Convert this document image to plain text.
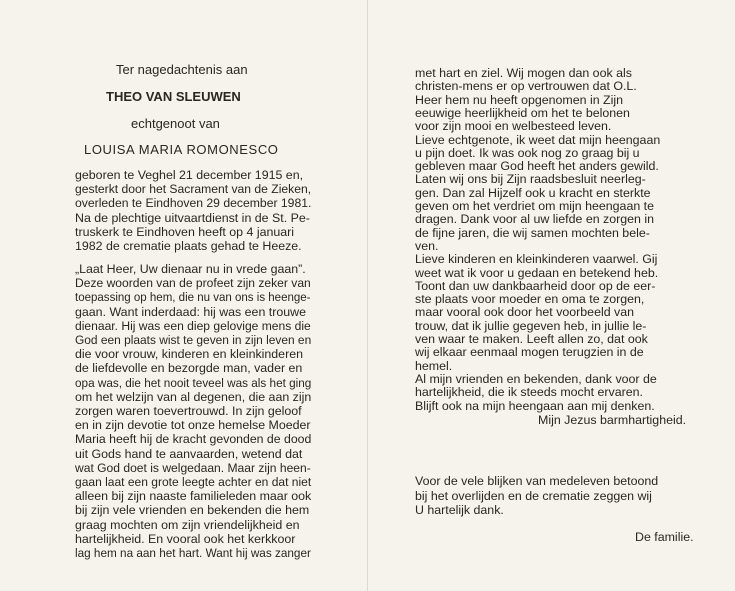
Ter nagedachtenis aan
THEO VAN SLEUWEN
echtgenoot van
LOUISA MARIA ROMONESCO
geboren te Veghel 21 december 1915 en,
gesterkt door het Sacrament van de Zieken,
overleden te Eindhoven 29 december 1981.
Na de plechtige uitvaartdienst in de St. Pe-
truskerk te Eindhoven heeft op 4 januari
1982 de crematie plaats gehad te Heeze.
„Laat Heer, Uw dienaar nu in vrede gaan”.
Deze woorden van de profeet zijn zeker van
toepassing op hem, die nu van ons is heenge-
gaan. Want inderdaad: hij was een trouwe
dienaar. Hij was een diep gelovige mens die
God een plaats wist te geven in zijn leven en
die voor vrouw, kinderen en kleinkinderen
de liefdevolle en bezorgde man, vader en
opa was, die het nooit teveel was als het ging
om het welzijn van al degenen, die aan zijn
zorgen waren toevertrouwd. In zijn geloof
en in zijn devotie tot onze hemelse Moeder
Maria heeft hij de kracht gevonden de dood
uit Gods hand te aanvaarden, wetend dat
wat God doet is welgedaan. Maar zijn heen-
gaan laat een grote leegte achter en dat niet
alleen bij zijn naaste familieleden maar ook
bij zijn vele vrienden en bekenden die hem
graag mochten om zijn vriendelijkheid en
hartelijkheid. En vooral ook het kerkkoor
lag hem na aan het hart. Want hij was zanger
met hart en ziel. Wij mogen dan ook als
christen-mens er op vertrouwen dat O.L.
Heer hem nu heeft opgenomen in Zijn
eeuwige heerlijkheid om het te belonen
voor zijn mooi en welbesteed leven.
Lieve echtgenote, ik weet dat mijn heengaan
u pijn doet. Ik was ook nog zo graag bij u
gebleven maar God heeft het anders gewild.
Laten wij ons bij Zijn raadsbesluit neerleg-
gen. Dan zal Hijzelf ook u kracht en sterkte
geven om het verdriet om mijn heengaan te
dragen. Dank voor al uw liefde en zorgen in
de fijne jaren, die wij samen mochten bele-
ven.
Lieve kinderen en kleinkinderen vaarwel. Gij
weet wat ik voor u gedaan en betekend heb.
Toont dan uw dankbaarheid door op de eer-
ste plaats voor moeder en oma te zorgen,
maar vooral ook door het voorbeeld van
trouw, dat ik jullie gegeven heb, in jullie le-
ven waar te maken. Leeft allen zo, dat ook
wij elkaar eenmaal mogen terugzien in de
hemel.
Al mijn vrienden en bekenden, dank voor de
hartelijkheid, die ik steeds mocht ervaren.
Blijft ook na mijn heengaan aan mij denken.
Mijn Jezus barmhartigheid.
Voor de vele blijken van medeleven betoond
bij het overlijden en de crematie zeggen wij
U hartelijk dank.
De familie.
